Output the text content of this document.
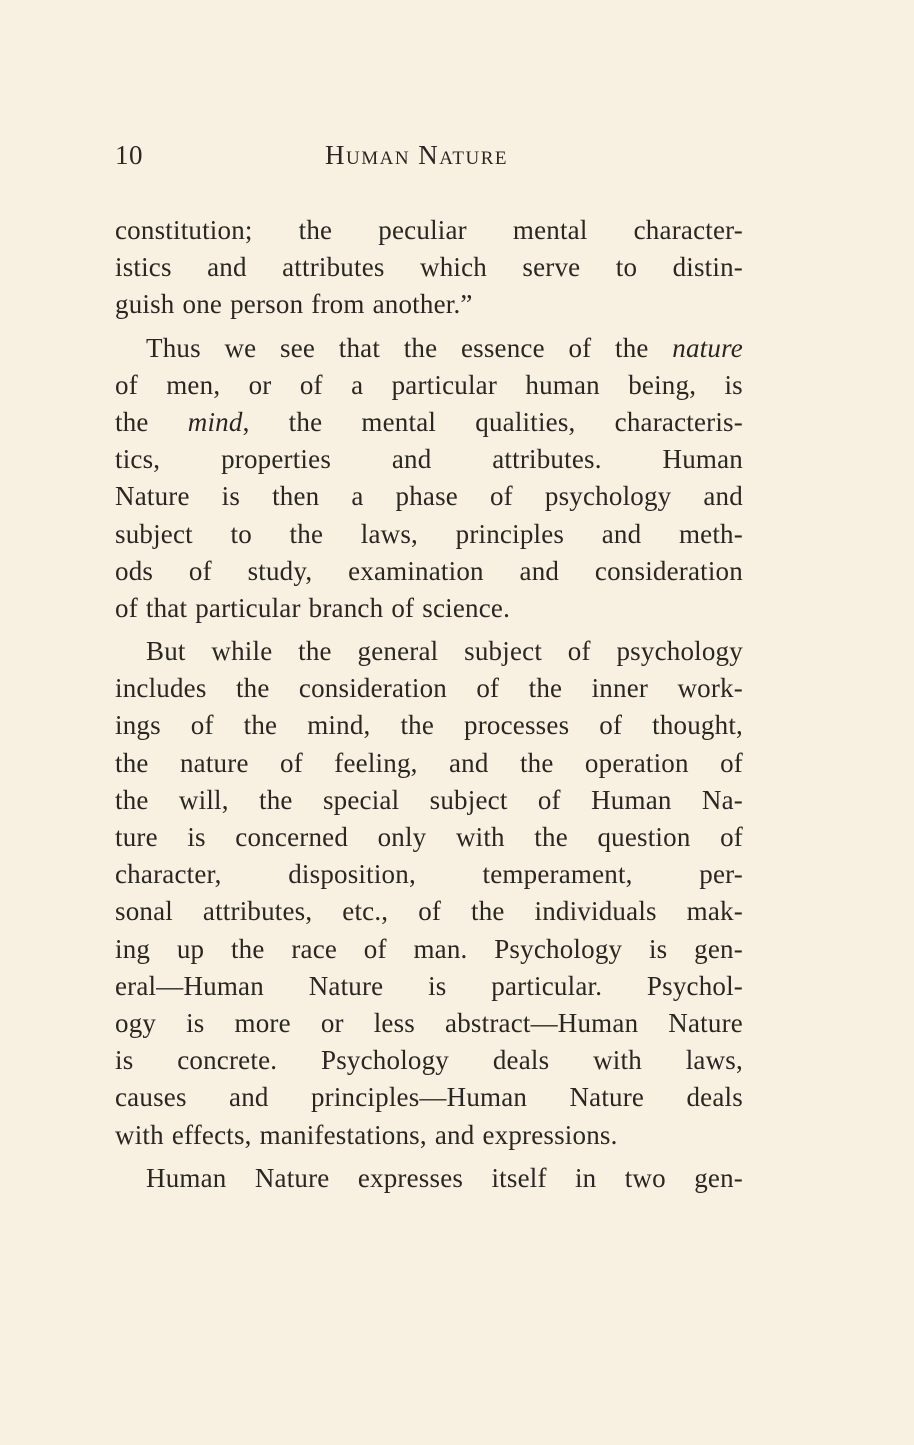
10	Human Nature
constitution; the peculiar mental character-
istics and attributes which serve to distin-
guish one person from another.”
Thus we see that the essence of the nature
of men, or of a particular human being, is
the mind, the mental qualities, characteris-
tics, properties and attributes. Human
Nature is then a phase of psychology and
subject to the laws, principles and meth-
ods of study, examination and consideration
of that particular branch of science.
But while the general subject of psychology
includes the consideration of the inner work-
ings of the mind, the processes of thought,
the nature of feeling, and the operation of
the will, the special subject of Human Na-
ture is concerned only with the question of
character, disposition, temperament, per-
sonal attributes, etc., of the individuals mak-
ing up the race of man. Psychology is gen-
eral—Human Nature is particular. Psychol-
ogy is more or less abstract—Human Nature
is concrete. Psychology deals with laws,
causes and principles—Human Nature deals
with effects, manifestations, and expressions.
Human Nature expresses itself in two gen-
